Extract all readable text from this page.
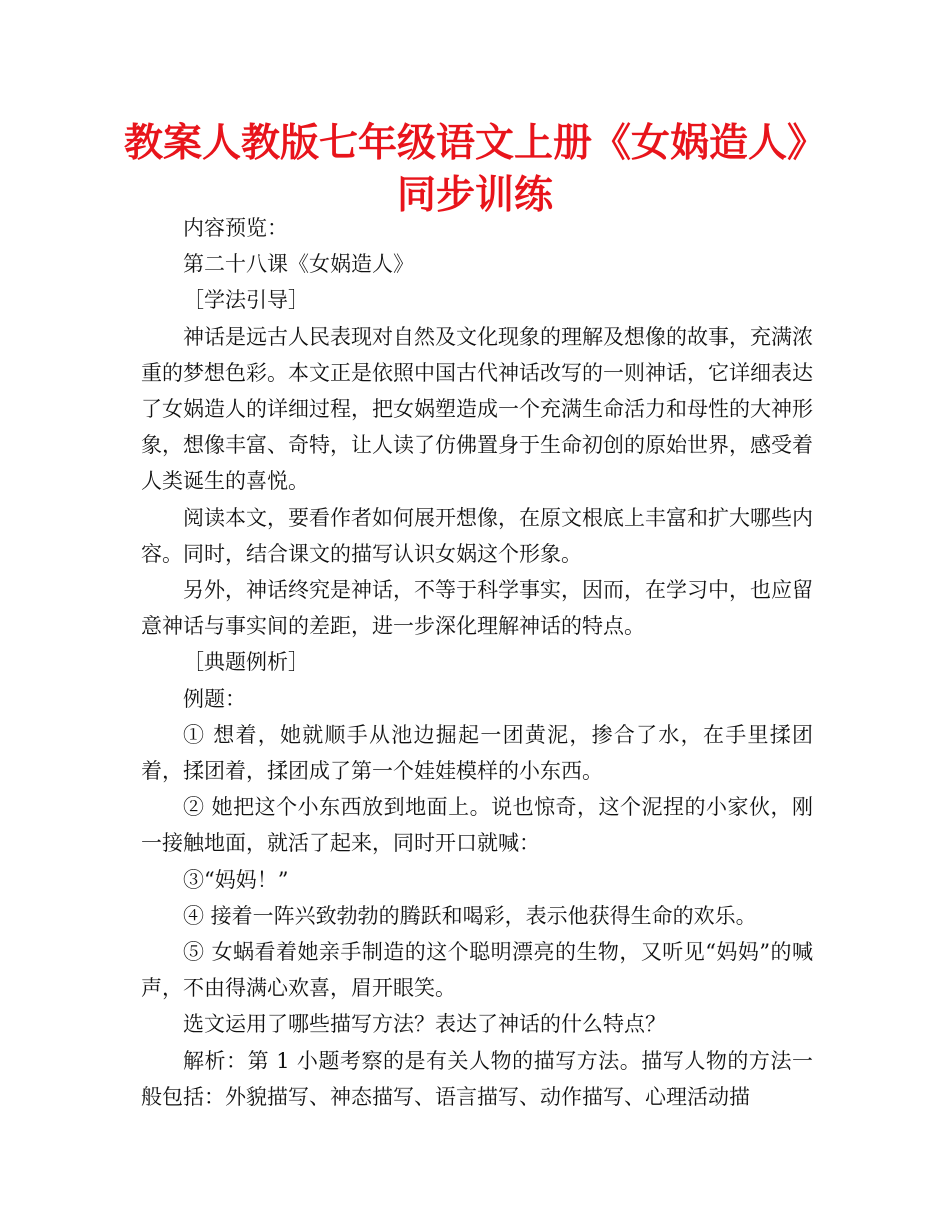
教案人教版七年级语文上册《女娲造人》
同步训练

内容预览：

第二十八课《女娲造人》

［学法引导］

神话是远古人民表现对自然及文化现象的理解及想像的故事，充满浓重的梦想色彩。本文正是依照中国古代神话改写的一则神话，它详细表达了女娲造人的详细过程，把女娲塑造成一个充满生命活力和母性的大神形象，想像丰富、奇特，让人读了仿佛置身于生命初创的原始世界，感受着人类诞生的喜悦。

阅读本文，要看作者如何展开想像，在原文根底上丰富和扩大哪些内容。同时，结合课文的描写认识女娲这个形象。

另外，神话终究是神话，不等于科学事实，因而，在学习中，也应留意神话与事实间的差距，进一步深化理解神话的特点。

［典题例析］

例题：

① 想着，她就顺手从池边掘起一团黄泥，掺合了水，在手里揉团着，揉团着，揉团成了第一个娃娃模样的小东西。

② 她把这个小东西放到地面上。说也惊奇，这个泥捏的小家伙，刚一接触地面，就活了起来，同时开口就喊：

③“妈妈！”

④ 接着一阵兴致勃勃的腾跃和喝彩，表示他获得生命的欢乐。

⑤ 女蜗看着她亲手制造的这个聪明漂亮的生物，又听见“妈妈”的喊声，不由得满心欢喜，眉开眼笑。

选文运用了哪些描写方法？表达了神话的什么特点？

解析：第 1 小题考察的是有关人物的描写方法。描写人物的方法一般包括：外貌描写、神态描写、语言描写、动作描写、心理活动描
